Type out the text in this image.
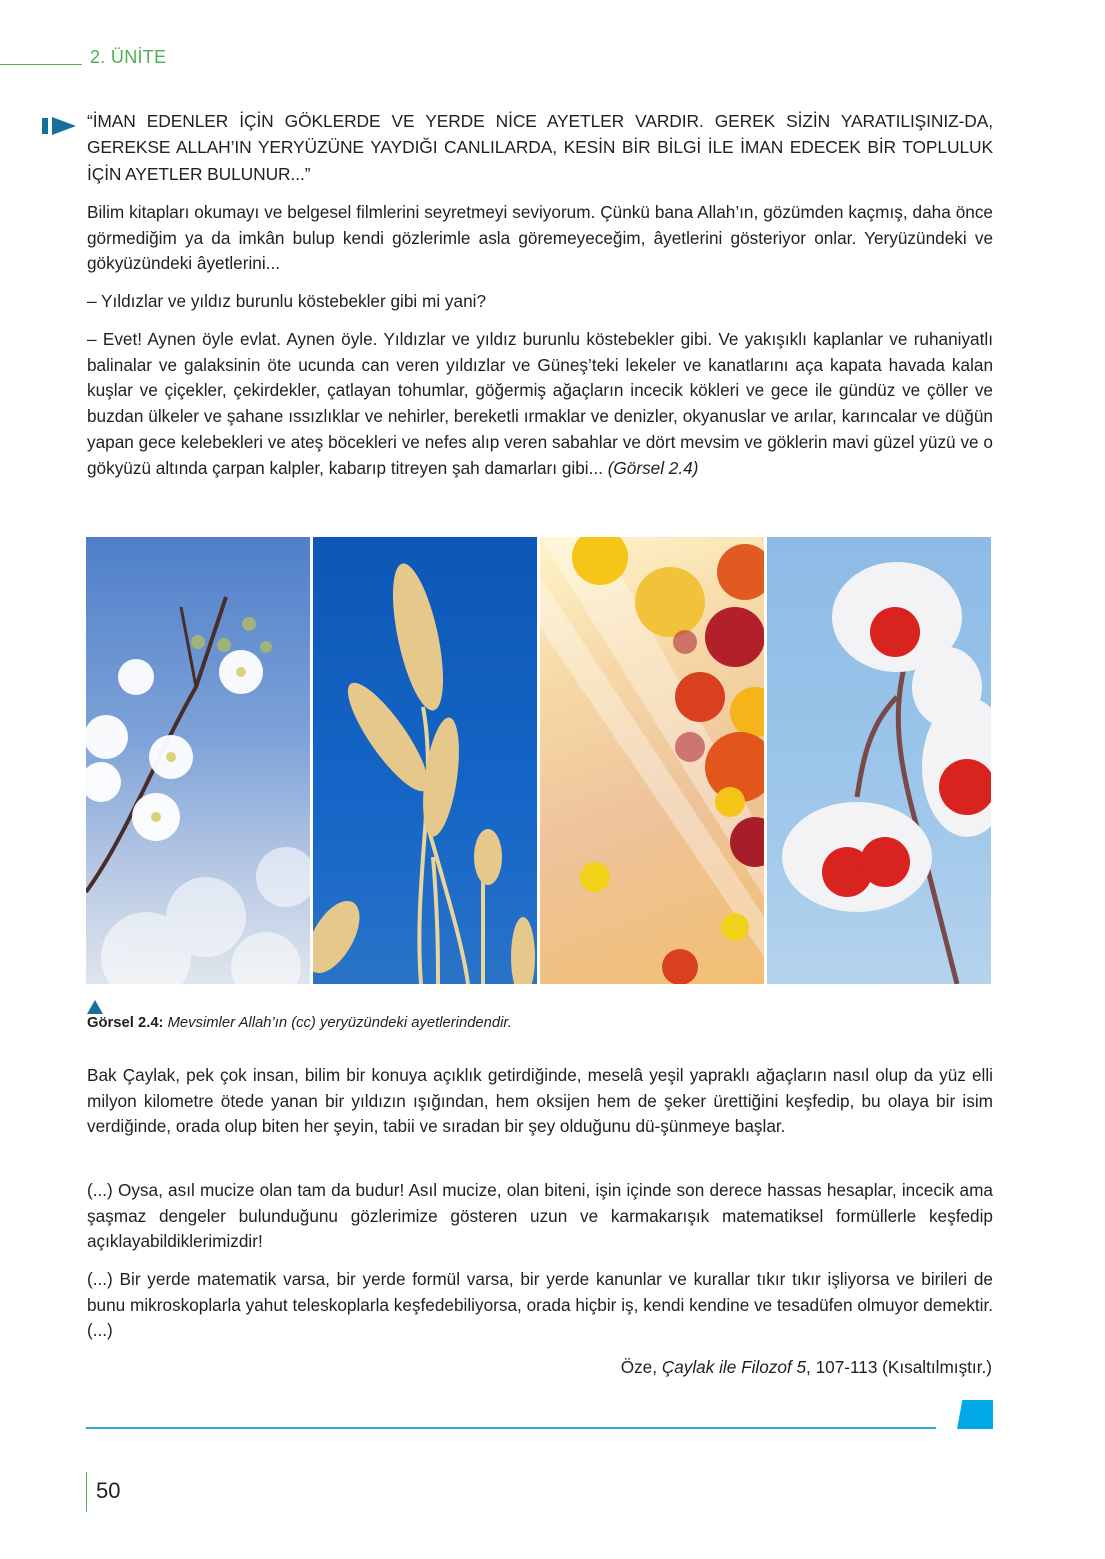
2. ÜNİTE

“İMAN EDENLER İÇİN GÖKLERDE VE YERDE NİCE AYETLER VARDIR. GEREK SİZİN YARATILIŞINIZ-DA, GEREKSE ALLAH’IN YERYÜZÜNE YAYDIĞI CANLILARDA, KESİN BİR BİLGİ İLE İMAN EDECEK BİR TOPLULUK İÇİN AYETLER BULUNUR...”

Bilim kitapları okumayı ve belgesel filmlerini seyretmeyi seviyorum. Çünkü bana Allah’ın, gözümden kaçmış, daha önce görmediğim ya da imkân bulup kendi gözlerimle asla göremeyeceğim, âyetlerini gösteriyor onlar. Yeryüzündeki ve gökyüzündeki âyetlerini...

– Yıldızlar ve yıldız burunlu köstebekler gibi mi yani?

– Evet! Aynen öyle evlat. Aynen öyle. Yıldızlar ve yıldız burunlu köstebekler gibi. Ve yakışıklı kaplanlar ve ruhaniyatlı balinalar ve galaksinin öte ucunda can veren yıldızlar ve Güneş’teki lekeler ve kanatlarını açа kapata havada kalan kuşlar ve çiçekler, çekirdekler, çatlayan tohumlar, göğermiş ağaçların incecik kökleri ve gece ile gündüz ve çöller ve buzdan ülkeler ve şahane ıssızlıklar ve nehirler, bereketli ırmaklar ve denizler, okyanuslar ve arılar, karıncalar ve düğün yapan gece kelebekleri ve ateş böcekleri ve nefes alıp veren sabahlar ve dört mevsim ve göklerin mavi güzel yüzü ve o gökyüzü altında çarpan kalpler, kabarıp titreyen şah damarları gibi... (Görsel 2.4)

Görsel 2.4: Mevsimler Allah’ın (cc) yeryüzündeki ayetlerindendir.

Bak Çaylak, pek çok insan, bilim bir konuya açıklık getirdiğinde, meselâ yeşil yapraklı ağaçların nasıl olup da yüz elli milyon kilometre ötede yanan bir yıldızın ışığından, hem oksijen hem de şeker ürettiğini keşfedip, bu olaya bir isim verdiğinde, orada olup biten her şeyin, tabii ve sıradan bir şey olduğunu dü-şünmeye başlar.

(...) Oysa, asıl mucize olan tam da budur! Asıl mucize, olan biteni, işin içinde son derece hassas hesaplar, incecik ama şaşmaz dengeler bulunduğunu gözlerimize gösteren uzun ve karmakarışık matematiksel formüllerle keşfedip açıklayabildiklerimizdir!

(...) Bir yerde matematik varsa, bir yerde formül varsa, bir yerde kanunlar ve kurallar tıkır tıkır işliyorsa ve birileri de bunu mikroskoplarla yahut teleskoplarla keşfedebiliyorsa, orada hiçbir iş, kendi kendine ve tesadüfen olmuyor demektir. (...)

Öze, Çaylak ile Filozof 5, 107-113 (Kısaltılmıştır.)
50
